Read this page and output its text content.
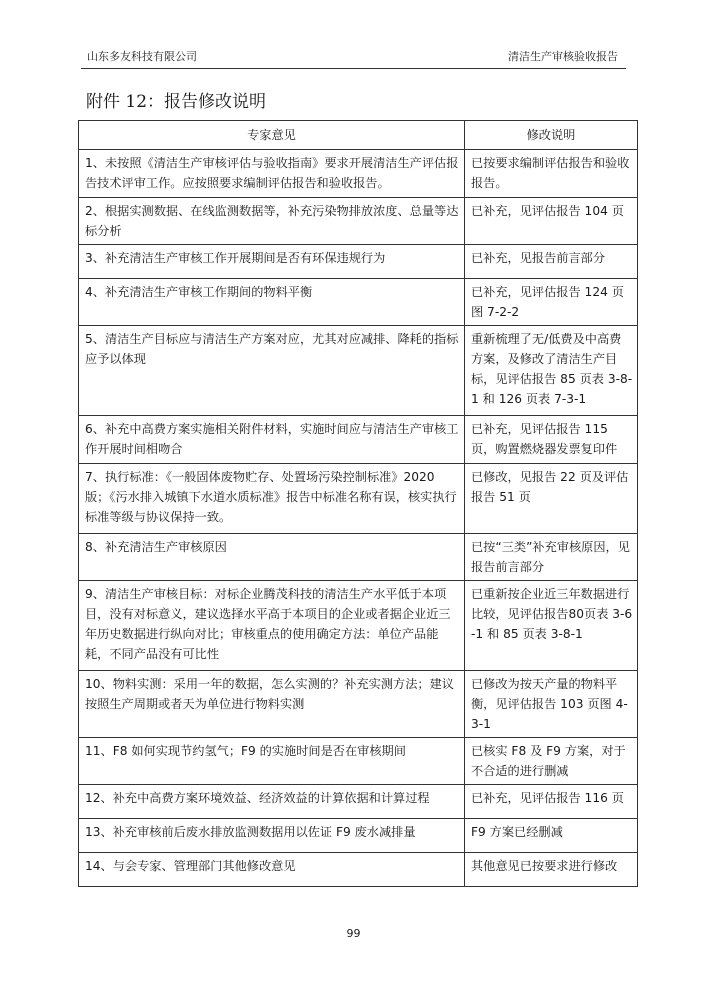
山东多友科技有限公司	清洁生产审核验收报告
附件 12：报告修改说明
专家意见	修改说明
1、未按照《清洁生产审核评估与验收指南》要求开展清洁生产评估报告技术评审工作。应按照要求编制评估报告和验收报告。	已按要求编制评估报告和验收报告。
2、根据实测数据、在线监测数据等，补充污染物排放浓度、总量等达标分析	已补充，见评估报告 104 页
3、补充清洁生产审核工作开展期间是否有环保违规行为	已补充，见报告前言部分
4、补充清洁生产审核工作期间的物料平衡	已补充，见评估报告 124 页图 7-2-2
5、清洁生产目标应与清洁生产方案对应，尤其对应减排、降耗的指标应予以体现	重新梳理了无/低费及中高费方案，及修改了清洁生产目标，见评估报告 85 页表 3-8-1 和 126 页表 7-3-1
6、补充中高费方案实施相关附件材料，实施时间应与清洁生产审核工作开展时间相吻合	已补充，见评估报告 115 页，购置燃烧器发票复印件
7、执行标准：《一般固体废物贮存、处置场污染控制标准》2020 版；《污水排入城镇下水道水质标准》报告中标准名称有误，核实执行标准等级与协议保持一致。	已修改，见报告 22 页及评估报告 51 页
8、补充清洁生产审核原因	已按“三类”补充审核原因，见报告前言部分
9、清洁生产审核目标：对标企业腾茂科技的清洁生产水平低于本项目，没有对标意义，建议选择水平高于本项目的企业或者据企业近三年历史数据进行纵向对比；审核重点的使用确定方法：单位产品能耗，不同产品没有可比性	已重新按企业近三年数据进行比较，见评估报告80页表 3-6-1 和 85 页表 3-8-1
10、物料实测：采用一年的数据，怎么实测的？补充实测方法；建议按照生产周期或者天为单位进行物料实测	已修改为按天产量的物料平衡，见评估报告 103 页图 4-3-1
11、F8 如何实现节约氢气；F9 的实施时间是否在审核期间	已核实 F8 及 F9 方案，对于不合适的进行删减
12、补充中高费方案环境效益、经济效益的计算依据和计算过程	已补充，见评估报告 116 页
13、补充审核前后废水排放监测数据用以佐证 F9 废水减排量	F9 方案已经删减
14、与会专家、管理部门其他修改意见	其他意见已按要求进行修改
99
